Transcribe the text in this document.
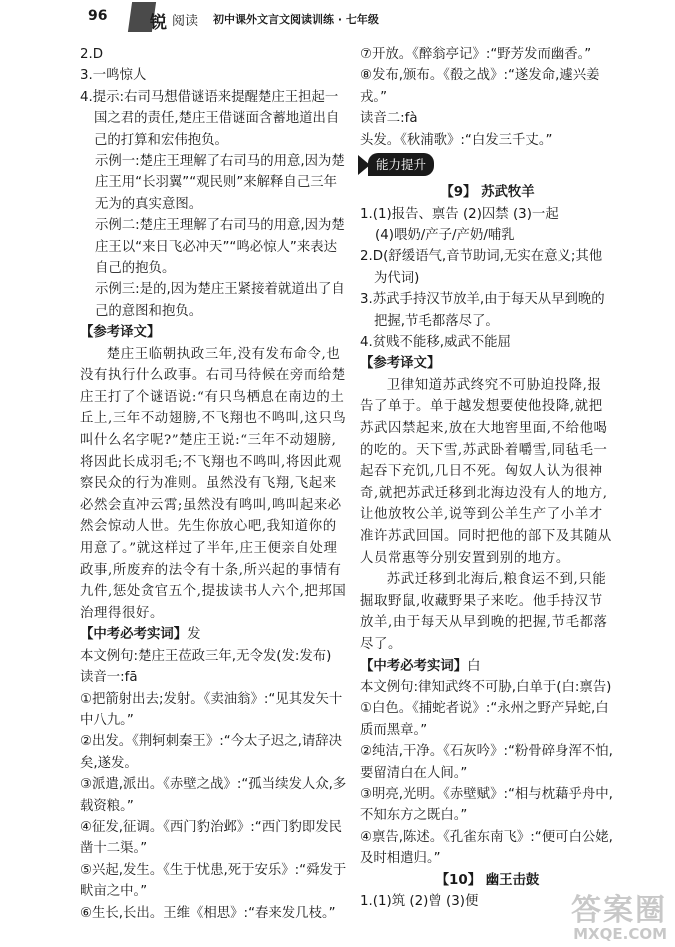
96	锐 阅读 初中课外文言文阅读训练 · 七年级

2.D

3.一鸣惊人

4.提示:右司马想借谜语来提醒楚庄王担起一国之君的责任,楚庄王借谜面含蓄地道出自己的打算和宏伟抱负。

示例一:楚庄王理解了右司马的用意,因为楚庄王用“长羽翼”“观民则”来解释自己三年无为的真实意图。

示例二:楚庄王理解了右司马的用意,因为楚庄王以“来日飞必冲天”“鸣必惊人”来表达自己的抱负。

示例三:是的,因为楚庄王紧接着就道出了自己的意图和抱负。

【参考译文】

楚庄王临朝执政三年,没有发布命令,也没有执行什么政事。右司马待候在旁而给楚庄王打了个谜语说:“有只鸟栖息在南边的土丘上,三年不动翅膀,不飞翔也不鸣叫,这只鸟叫什么名字呢?”楚庄王说:“三年不动翅膀,将因此长成羽毛;不飞翔也不鸣叫,将因此观察民众的行为准则。虽然没有飞翔,飞起来必然会直冲云霄;虽然没有鸣叫,鸣叫起来必然会惊动人世。先生你放心吧,我知道你的用意了。”就这样过了半年,庄王便亲自处理政事,所废弃的法令有十条,所兴起的事情有九件,惩处贪官五个,提拔读书人六个,把邦国治理得很好。

【中考必考实词】发

本文例句:楚庄王莅政三年,无令发(发:发布)

读音一:fā

①把箭射出去;发射。《卖油翁》:“见其发矢十中八九。”

②出发。《荆轲刺秦王》:“今太子迟之,请辞决矣,遂发。

③派遣,派出。《赤壁之战》:“孤当续发人众,多载资粮。”

④征发,征调。《西门豹治邺》:“西门豹即发民凿十二渠。”

⑤兴起,发生。《生于忧患,死于安乐》:“舜发于畎亩之中。”

⑥生长,长出。王维《相思》:“春来发几枝。”

⑦开放。《醉翁亭记》:“野芳发而幽香。”

⑧发布,颁布。《殽之战》:“遂发命,遽兴姜戎。”

读音二:fà

头发。《秋浦歌》:“白发三千丈。”

能力提升

【9】 苏武牧羊

1.(1)报告、禀告 (2)囚禁 (3)一起

(4)喂奶/产子/产奶/哺乳

2.D(舒缓语气,音节助词,无实在意义;其他为代词)

3.苏武手持汉节放羊,由于每天从早到晚的把握,节毛都落尽了。

4.贫贱不能移,威武不能屈

【参考译文】

卫律知道苏武终究不可胁迫投降,报告了单于。单于越发想要使他投降,就把苏武囚禁起来,放在大地窖里面,不给他喝的吃的。天下雪,苏武卧着嚼雪,同毡毛一起吞下充饥,几日不死。匈奴人认为很神奇,就把苏武迁移到北海边没有人的地方,让他放牧公羊,说等到公羊生产了小羊才准许苏武回国。同时把他的部下及其随从人员常惠等分别安置到别的地方。

苏武迁移到北海后,粮食运不到,只能掘取野鼠,收藏野果子来吃。他手持汉节放羊,由于每天从早到晚的把握,节毛都落尽了。

【中考必考实词】白

本文例句:律知武终不可胁,白单于(白:禀告)

①白色。《捕蛇者说》:“永州之野产异蛇,白质而黑章。”

②纯洁,干净。《石灰吟》:“粉骨碎身浑不怕,要留清白在人间。”

③明亮,光明。《赤壁赋》:“相与枕藉乎舟中,不知东方之既白。”

④禀告,陈述。《孔雀东南飞》:“便可白公姥,及时相遣归。”

【10】 幽王击鼓

1.(1)筑 (2)曾 (3)便	答案圈
MXQE.COM
